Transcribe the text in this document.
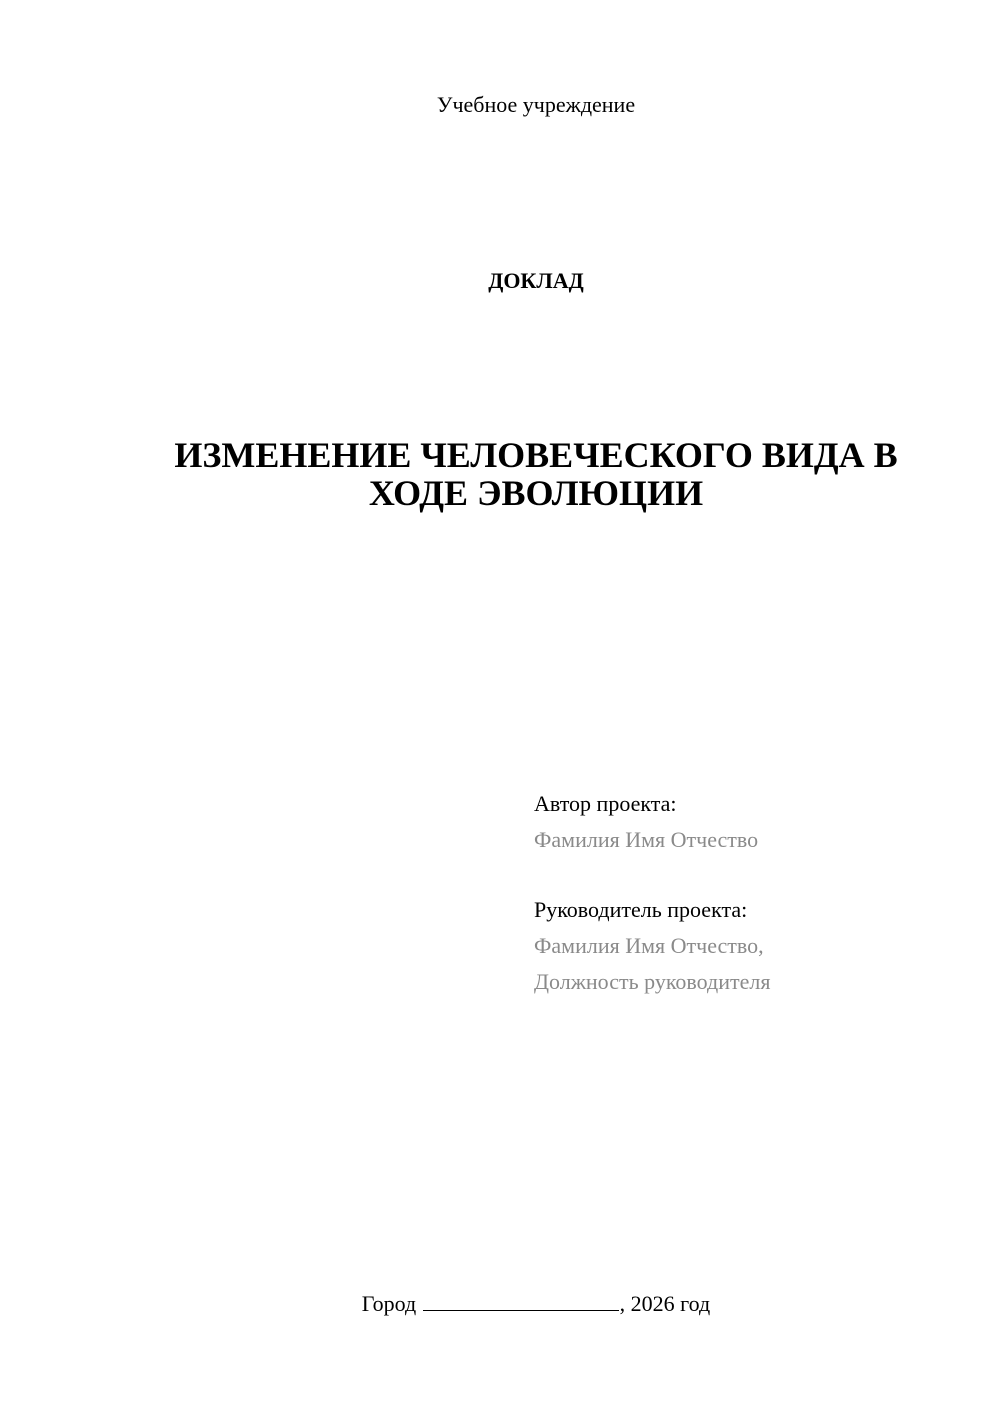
Учебное учреждение
ДОКЛАД
ИЗМЕНЕНИЕ ЧЕЛОВЕЧЕСКОГО ВИДА В
ХОДЕ ЭВОЛЮЦИИ
Автор проекта:
Фамилия Имя Отчество
Руководитель проекта:
Фамилия Имя Отчество,
Должность руководителя
Город	, 2026 год
